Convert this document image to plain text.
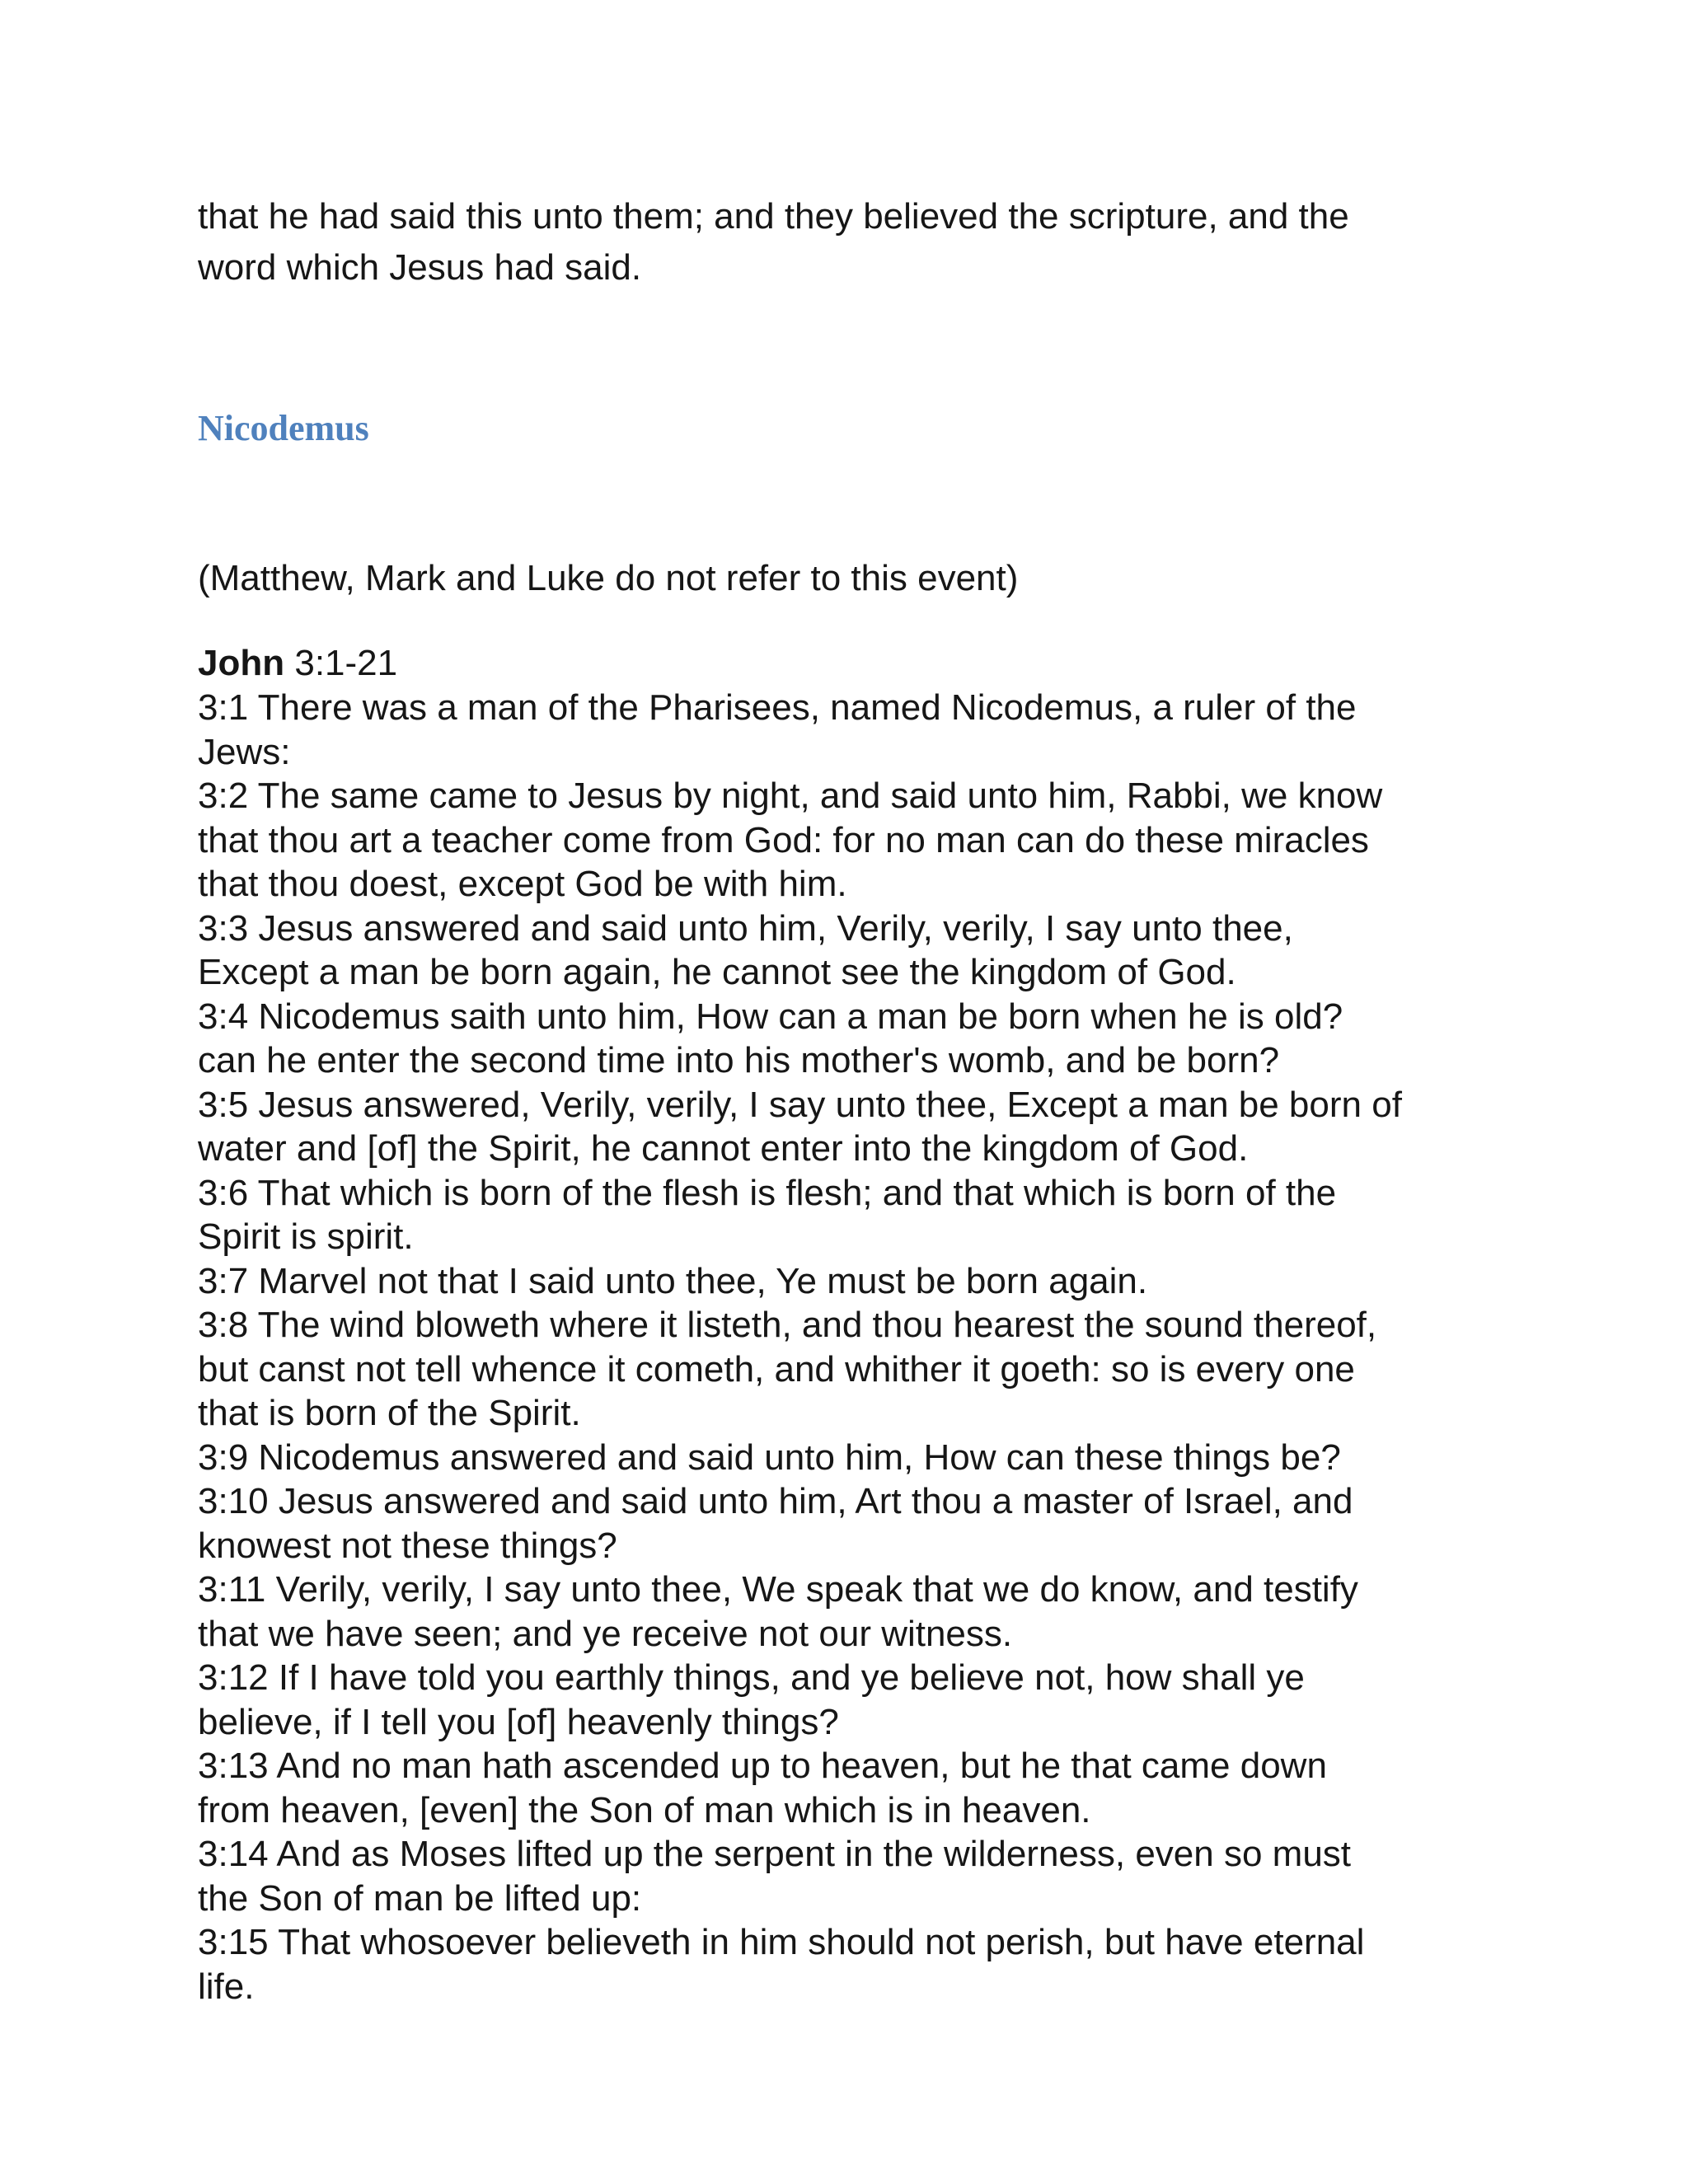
that he had said this unto them; and they believed the scripture, and the
word which Jesus had said.

Nicodemus

(Matthew, Mark and Luke do not refer to this event)

John 3:1-21

3:1 There was a man of the Pharisees, named Nicodemus, a ruler of the
Jews:

3:2 The same came to Jesus by night, and said unto him, Rabbi, we know
that thou art a teacher come from God: for no man can do these miracles
that thou doest, except God be with him.

3:3 Jesus answered and said unto him, Verily, verily, I say unto thee,
Except a man be born again, he cannot see the kingdom of God.

3:4 Nicodemus saith unto him, How can a man be born when he is old?
can he enter the second time into his mother's womb, and be born?

3:5 Jesus answered, Verily, verily, I say unto thee, Except a man be born of
water and [of] the Spirit, he cannot enter into the kingdom of God.

3:6 That which is born of the flesh is flesh; and that which is born of the
Spirit is spirit.

3:7 Marvel not that I said unto thee, Ye must be born again.

3:8 The wind bloweth where it listeth, and thou hearest the sound thereof,
but canst not tell whence it cometh, and whither it goeth: so is every one
that is born of the Spirit.

3:9 Nicodemus answered and said unto him, How can these things be?

3:10 Jesus answered and said unto him, Art thou a master of Israel, and
knowest not these things?

3:11 Verily, verily, I say unto thee, We speak that we do know, and testify
that we have seen; and ye receive not our witness.

3:12 If I have told you earthly things, and ye believe not, how shall ye
believe, if I tell you [of] heavenly things?

3:13 And no man hath ascended up to heaven, but he that came down
from heaven, [even] the Son of man which is in heaven.

3:14 And as Moses lifted up the serpent in the wilderness, even so must
the Son of man be lifted up:

3:15 That whosoever believeth in him should not perish, but have eternal
life.
